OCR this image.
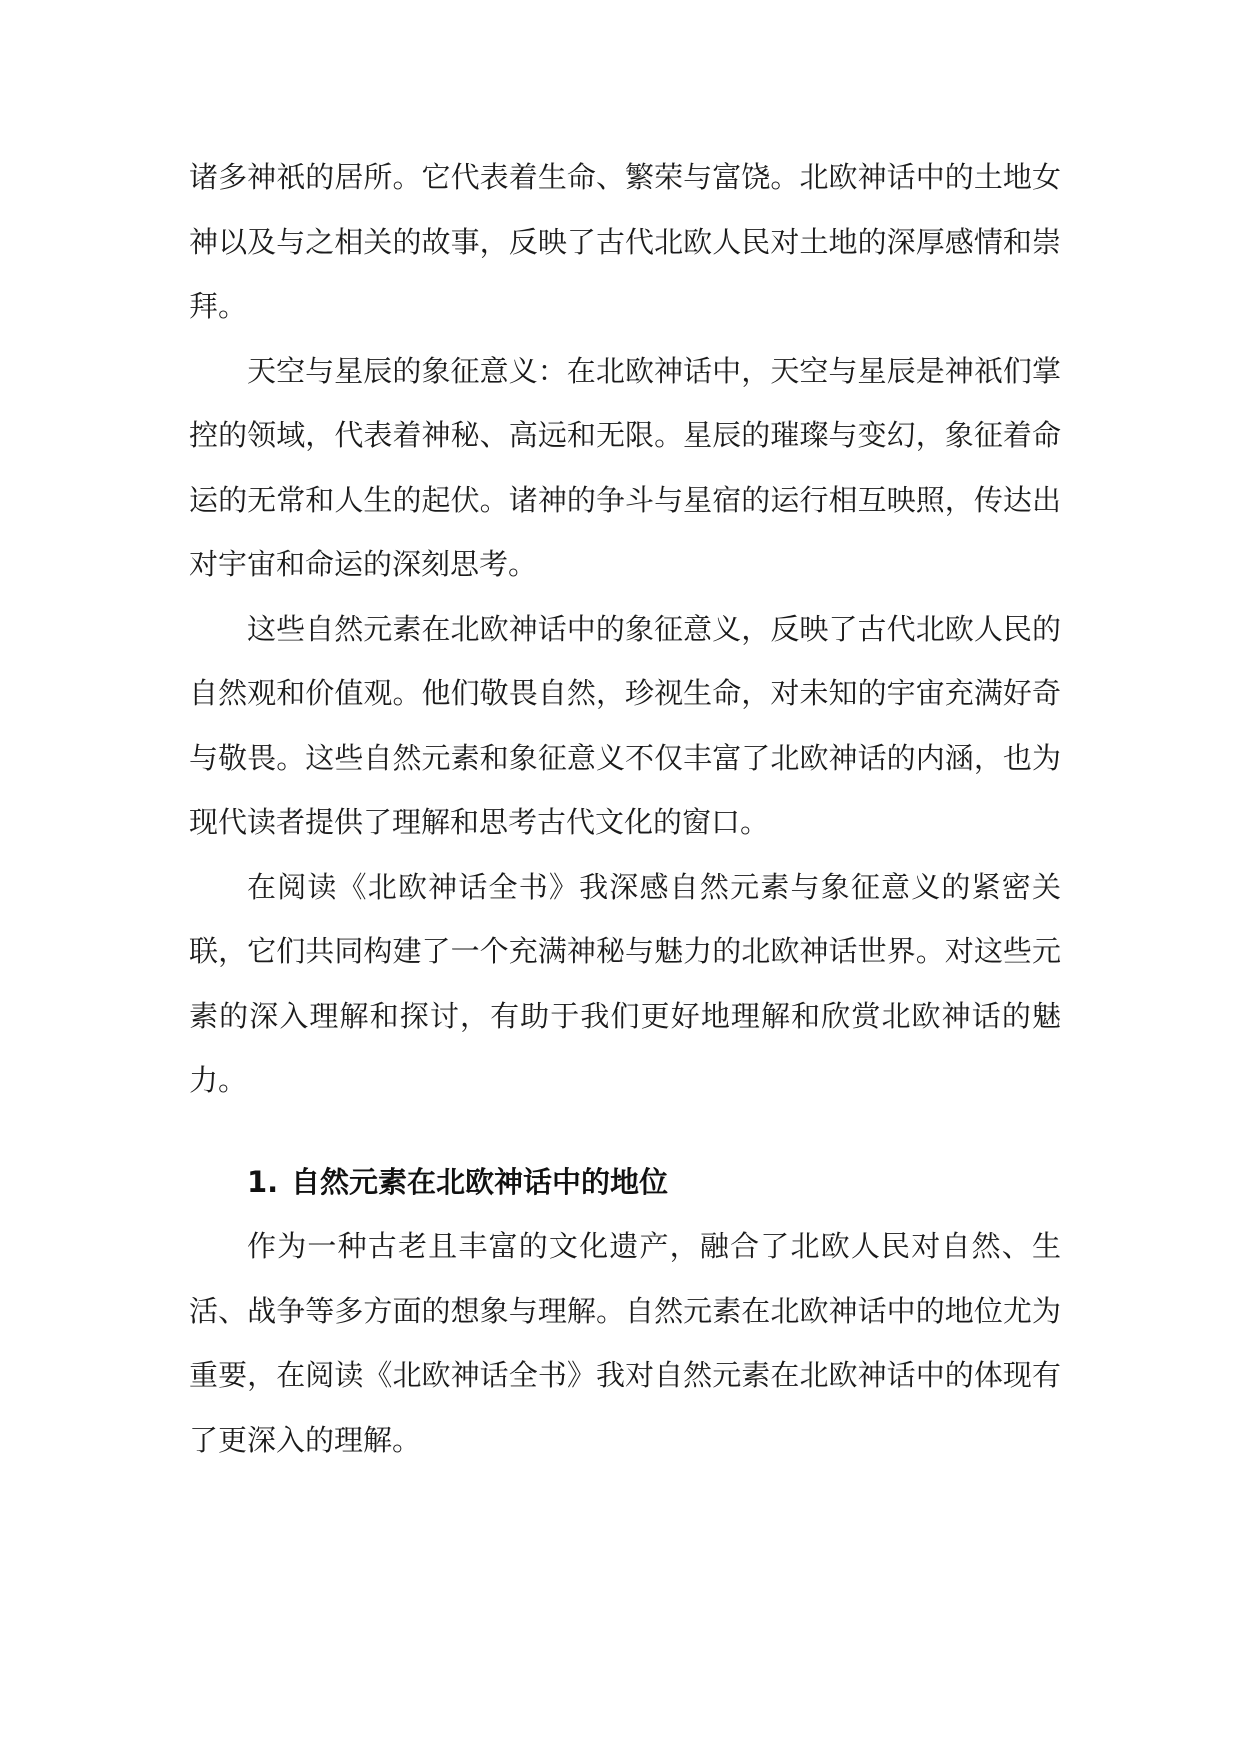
诸多神祇的居所。它代表着生命、繁荣与富饶。北欧神话中的土地女神以及与之相关的故事，反映了古代北欧人民对土地的深厚感情和崇拜。

天空与星辰的象征意义：在北欧神话中，天空与星辰是神祇们掌控的领域，代表着神秘、高远和无限。星辰的璀璨与变幻，象征着命运的无常和人生的起伏。诸神的争斗与星宿的运行相互映照，传达出对宇宙和命运的深刻思考。

这些自然元素在北欧神话中的象征意义，反映了古代北欧人民的自然观和价值观。他们敬畏自然，珍视生命，对未知的宇宙充满好奇与敬畏。这些自然元素和象征意义不仅丰富了北欧神话的内涵，也为现代读者提供了理解和思考古代文化的窗口。

在阅读《北欧神话全书》我深感自然元素与象征意义的紧密关联，它们共同构建了一个充满神秘与魅力的北欧神话世界。对这些元素的深入理解和探讨，有助于我们更好地理解和欣赏北欧神话的魅力。

1. 自然元素在北欧神话中的地位

作为一种古老且丰富的文化遗产，融合了北欧人民对自然、生活、战争等多方面的想象与理解。自然元素在北欧神话中的地位尤为重要，在阅读《北欧神话全书》我对自然元素在北欧神话中的体现有了更深入的理解。
